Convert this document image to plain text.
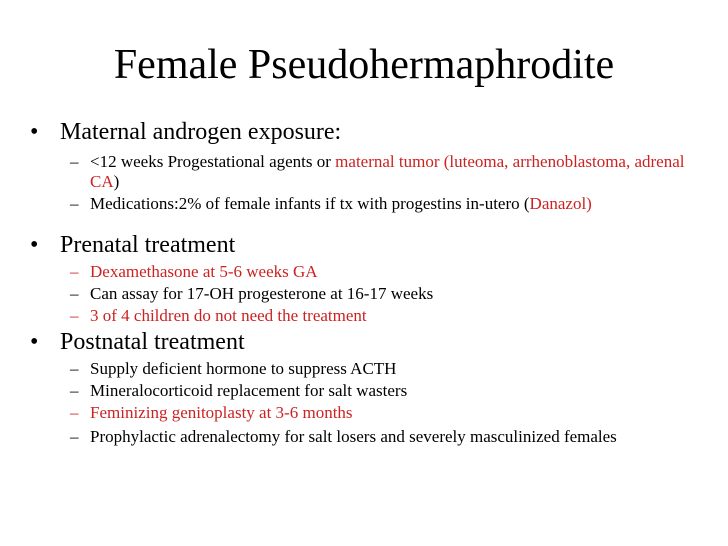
Female Pseudohermaphrodite
• Maternal androgen exposure:
– <12 weeks Progestational agents or maternal tumor (luteoma, arrhenoblastoma, adrenal CA)
– Medications:2% of female infants if tx with progestins in-utero (Danazol)
• Prenatal treatment
– Dexamethasone at 5-6 weeks GA
– Can assay for 17-OH progesterone at 16-17 weeks
– 3 of 4 children do not need the treatment
• Postnatal treatment
– Supply deficient hormone to suppress ACTH
– Mineralocorticoid replacement for salt wasters
– Feminizing genitoplasty at 3-6 months
– Prophylactic adrenalectomy for salt losers and severely masculinized females
